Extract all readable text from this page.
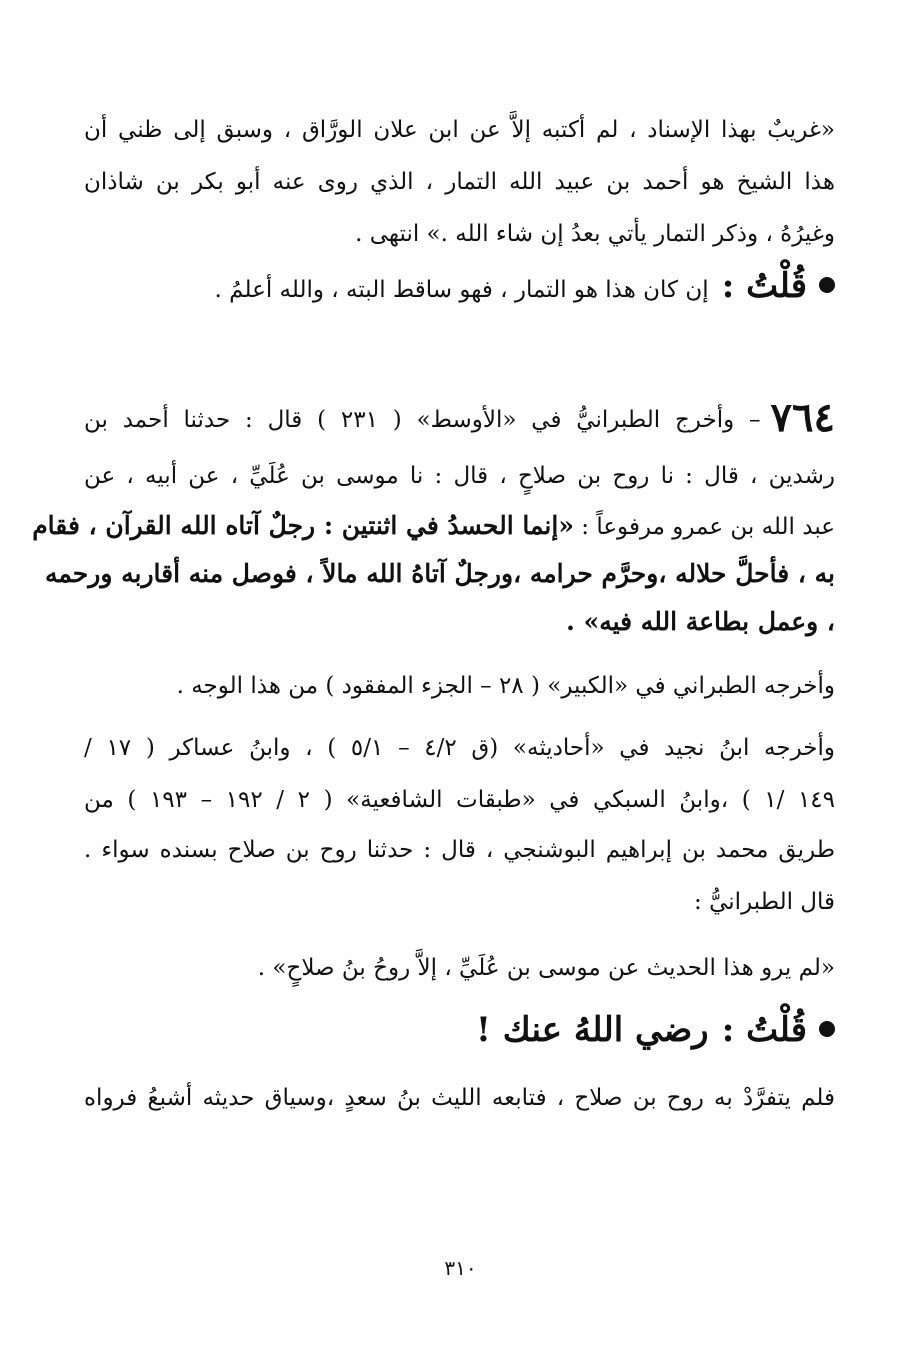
«غريبٌ بهذا الإسناد ، لم أكتبه إلاَّ عن ابن علان الورَّاق ، وسبق إلى ظني أن
هذا الشيخ هو أحمد بن عبيد الله التمار ، الذي روى عنه أبو بكر بن شاذان
وغيرُهُ ، وذكر التمار يأتي بعدُ إن شاء الله .» انتهى .
قُلْتُ : إن كان هذا هو التمار ، فهو ساقط البته ، والله أعلمُ .
٧٦٤– وأخرج الطبرانيُّ في «الأوسط» ( ٢٣١ ) قال : حدثنا أحمد بن
رشدين ، قال : نا روح بن صلاحٍ ، قال : نا موسى بن عُلَيِّ ، عن أبيه ، عن
عبد الله بن عمرو مرفوعاً : «إنما الحسدُ في اثنتين : رجلٌ آتاه الله القرآن ، فقام
به ، فأحلَّ حلاله ،وحرَّم حرامه ،ورجلٌ آتاهُ الله مالاً ، فوصل منه أقاربه ورحمه
، وعمل بطاعة الله فيه» .
وأخرجه الطبراني في «الكبير» ( ٢٨ – الجزء المفقود ) من هذا الوجه .
وأخرجه ابنُ نجيد في «أحاديثه» (ق ٤/٢ – ٥/١ ) ، وابنُ عساكر ( ١٧ /
١٤٩ /١ ) ،وابنُ السبكي في «طبقات الشافعية» ( ٢ / ١٩٢ – ١٩٣ ) من
طريق محمد بن إبراهيم البوشنجي ، قال : حدثنا روح بن صلاح بسنده سواء .
قال الطبرانيُّ :
«لم يرو هذا الحديث عن موسى بن عُلَيِّ ، إلاَّ روحُ بنُ صلاحٍ» .
قُلْتُ : رضي اللهُ عنك !
فلم يتفرَّدْ به روح بن صلاح ، فتابعه الليث بنُ سعدٍ ،وسياق حديثه أشبعُ فرواه
٣١٠
